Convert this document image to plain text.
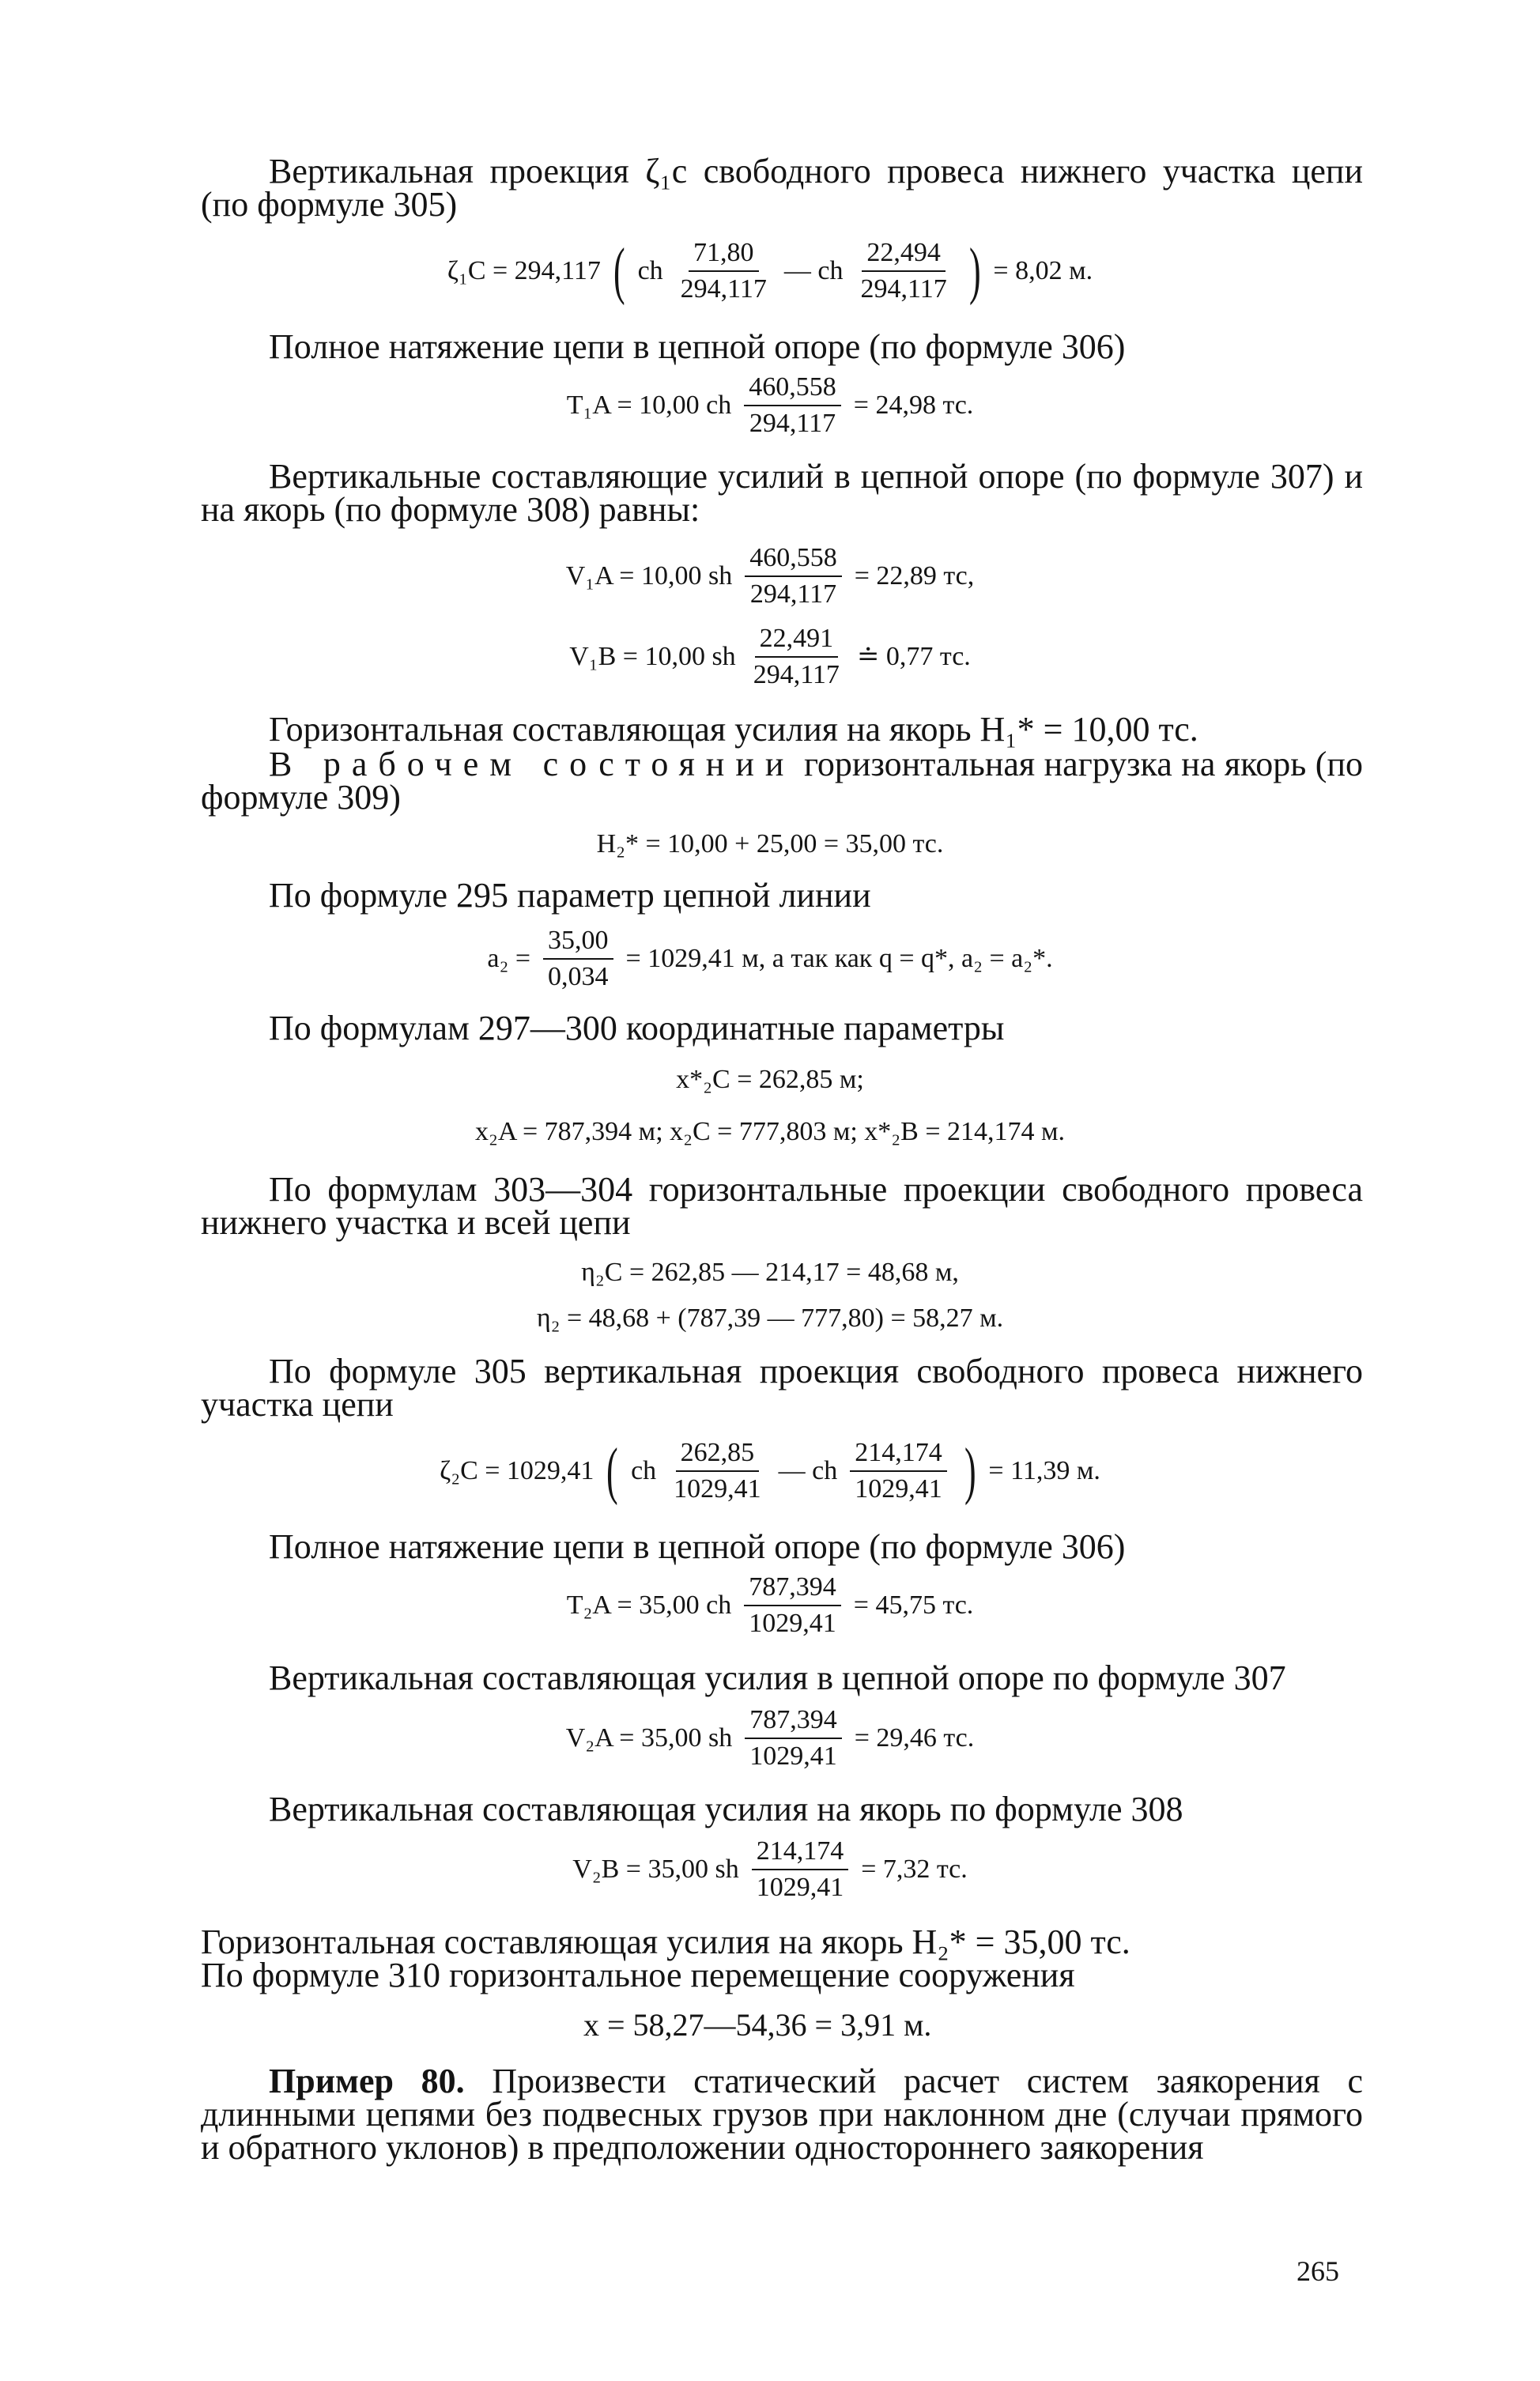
Вертикальная проекция ζ₁c свободного провеса нижнего участка цепи (по формуле 305)

ζ₁C = 294,117 ( ch $\frac{71,80}{294,117}$ — ch $\frac{22,494}{294,117}$ ) = 8,02 м.

Полное натяжение цепи в цепной опоре (по формуле 306)

T₁A = 10,00 ch $\frac{460,558}{294,117} = 24,98$ тс.

Вертикальные составляющие усилий в цепной опоре (по формуле 307) и на якорь (по формуле 308) равны:

V₁A = 10,00 sh $\frac{460,558}{294,117} = 22,89$ тс,
V₁B = 10,00 sh $\frac{22,491}{294,117}$ ≐ 0,77 тс.

Горизонтальная составляющая усилия на якорь H₁* = 10,00 тс.

В рабочем состоянии горизонтальная нагрузка на якорь (по формуле 309)

H₂* = 10,00 + 25,00 = 35,00 тс.

По формуле 295 параметр цепной линии

$a_2 = \frac{35,00}{0,034} = 1029,41$ м, а так как q = q*, a₂ = a₂*.

По формулам 297—300 координатные параметры

x*₂C = 262,85 м;
x₂A = 787,394 м; x₂C = 777,803 м; x*₂B = 214,174 м.

По формулам 303—304 горизонтальные проекции свободного провеса нижнего участка и всей цепи

η₂C = 262,85 — 214,17 = 48,68 м,
η₂ = 48,68 + (787,39 — 777,80) = 58,27 м.

По формуле 305 вертикальная проекция свободного провеса нижнего участка цепи

ζ₂C = 1029,41 ( ch $\frac{262,85}{1029,41}$ — ch $\frac{214,174}{1029,41}$ ) = 11,39 м.

Полное натяжение цепи в цепной опоре (по формуле 306)

T₂A = 35,00 ch $\frac{787,394}{1029,41} = 45,75$ тс.

Вертикальная составляющая усилия в цепной опоре по формуле 307

V₂A = 35,00 sh $\frac{787,394}{1029,41} = 29,46$ тс.

Вертикальная составляющая усилия на якорь по формуле 308

V₂B = 35,00 sh $\frac{214,174}{1029,41} = 7,32$ тс.

Горизонтальная составляющая усилия на якорь H₂* = 35,00 тс.

По формуле 310 горизонтальное перемещение сооружения

x = 58,27—54,36 = 3,91 м.

Пример 80. Произвести статический расчет систем заякорения с длинными цепями без подвесных грузов при наклонном дне (случаи прямого и обратного уклонов) в предположении одностороннего заякорения

265
